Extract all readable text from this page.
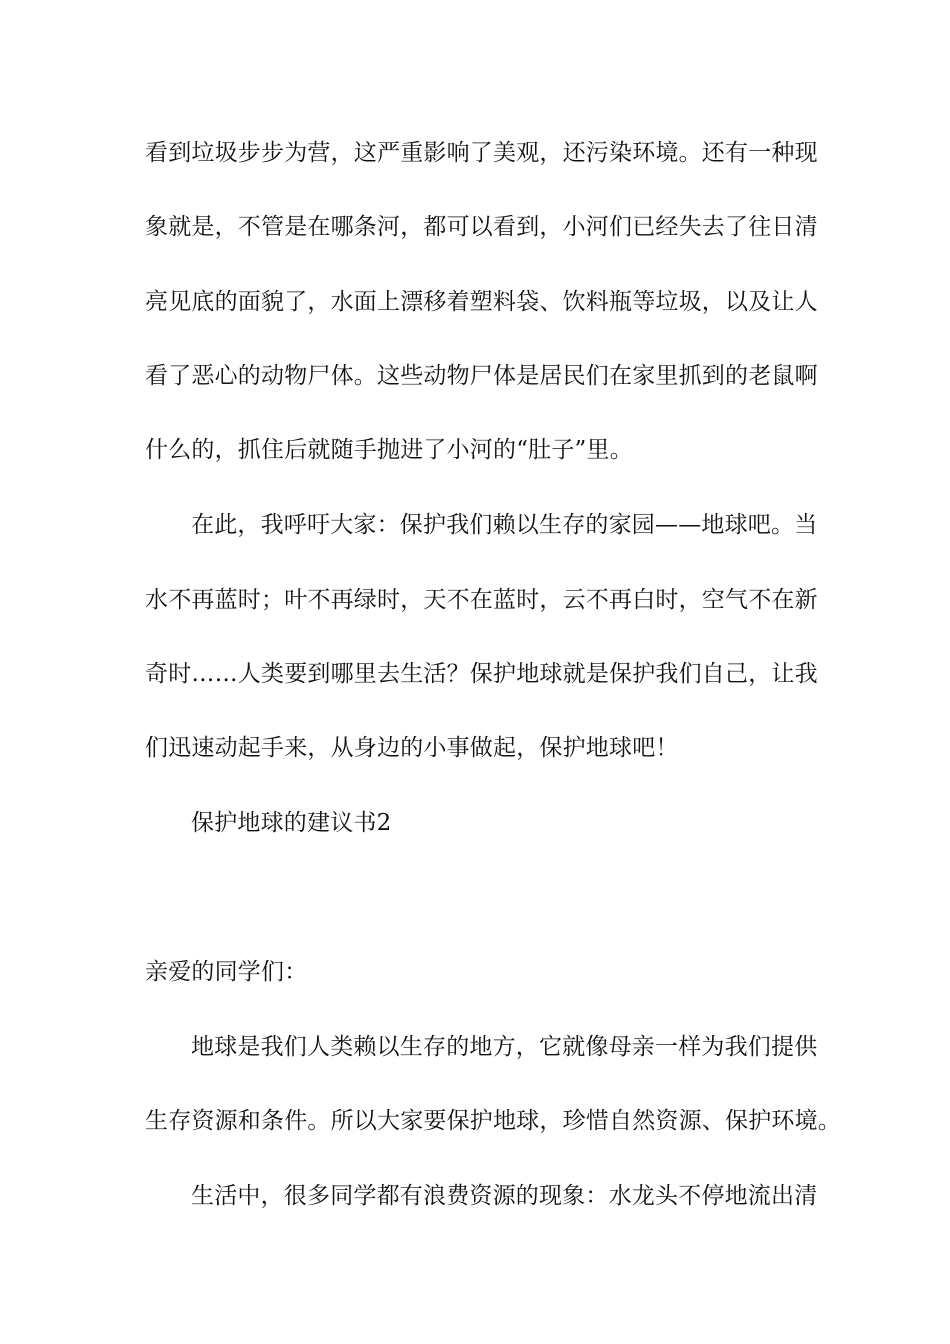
看到垃圾步步为营，这严重影响了美观，还污染环境。还有一种现
象就是，不管是在哪条河，都可以看到，小河们已经失去了往日清
亮见底的面貌了，水面上漂移着塑料袋、饮料瓶等垃圾，以及让人
看了恶心的动物尸体。这些动物尸体是居民们在家里抓到的老鼠啊
什么的，抓住后就随手抛进了小河的“肚子”里。
在此，我呼吁大家：保护我们赖以生存的家园——地球吧。当
水不再蓝时；叶不再绿时，天不在蓝时，云不再白时，空气不在新
奇时……人类要到哪里去生活？保护地球就是保护我们自己，让我
们迅速动起手来，从身边的小事做起，保护地球吧！
保护地球的建议书2
亲爱的同学们：
地球是我们人类赖以生存的地方，它就像母亲一样为我们提供
生存资源和条件。所以大家要保护地球，珍惜自然资源、保护环境。
生活中，很多同学都有浪费资源的现象：水龙头不停地流出清
